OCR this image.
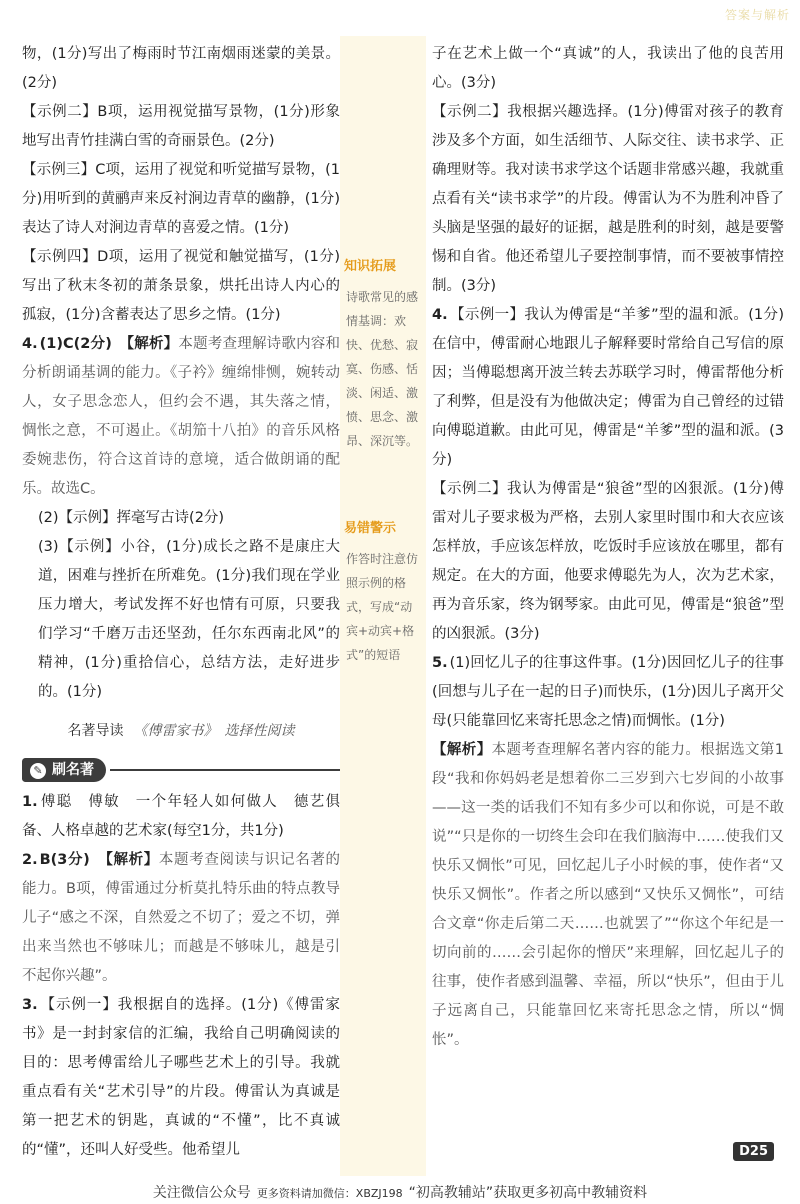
答案与解析

物，(1分)写出了梅雨时节江南烟雨迷蒙的美景。(2分)

【示例二】B项，运用视觉描写景物，(1分)形象地写出青竹挂满白雪的奇丽景色。(2分)

【示例三】C项，运用了视觉和听觉描写景物，(1分)用听到的黄鹂声来反衬涧边青草的幽静，(1分)表达了诗人对涧边青草的喜爱之情。(1分)

【示例四】D项，运用了视觉和触觉描写，(1分)写出了秋末冬初的萧条景象，烘托出诗人内心的孤寂，(1分)含蓄表达了思乡之情。(1分)

4. (1)C(2分)　【解析】本题考查理解诗歌内容和分析朗诵基调的能力。《子衿》缠绵悱恻，婉转动人，女子思念恋人，但约会不遇，其失落之情，惆怅之意，不可遏止。《胡笳十八拍》的音乐风格委婉悲伤，符合这首诗的意境，适合做朗诵的配乐。故选C。

(2)【示例】挥毫写古诗(2分)

(3)【示例】小谷，(1分)成长之路不是康庄大道，困难与挫折在所难免。(1分)我们现在学业压力增大，考试发挥不好也情有可原，只要我们学习“千磨万击还坚劲，任尔东西南北风”的精神，(1分)重拾信心，总结方法，走好进步的。(1分)

名著导读 《傅雷家书》　选择性阅读
✎ 刷名著

1. 傅聪　傅敏　一个年轻人如何做人　德艺俱备、人格卓越的艺术家(每空1分，共1分)

2. B(3分)　【解析】本题考查阅读与识记名著的能力。B项，傅雷通过分析莫扎特乐曲的特点教导儿子“感之不深，自然爱之不切了；爱之不切，弹出来当然也不够味儿；而越是不够味儿，越是引不起你兴趣”。

3. 【示例一】我根据自的选择。(1分)《傅雷家书》是一封封家信的汇编，我给自己明确阅读的目的：思考傅雷给儿子哪些艺术上的引导。我就重点看有关“艺术引导”的片段。傅雷认为真诚是第一把艺术的钥匙，真诚的“不懂”，比不真诚的“懂”，还叫人好受些。他希望儿

知识拓展
诗歌常见的感情基调：欢快、优愁、寂寞、伤感、恬淡、闲适、激愤、思念、激昂、深沉等。
易错警示
作答时注意仿照示例的格式，写成“动宾+动宾+格式”的短语

子在艺术上做一个“真诚”的人，我读出了他的良苦用心。(3分)

【示例二】我根据兴趣选择。(1分)傅雷对孩子的教育涉及多个方面，如生活细节、人际交往、读书求学、正确理财等。我对读书求学这个话题非常感兴趣，我就重点看有关“读书求学”的片段。傅雷认为不为胜利冲昏了头脑是坚强的最好的证据，越是胜利的时刻，越是要警惕和自省。他还希望儿子要控制事情，而不要被事情控制。(3分)

4. 【示例一】我认为傅雷是“羊爹”型的温和派。(1分)在信中，傅雷耐心地跟儿子解释要时常给自己写信的原因；当傅聪想离开波兰转去苏联学习时，傅雷帮他分析了利弊，但是没有为他做决定；傅雷为自己曾经的过错向傅聪道歉。由此可见，傅雷是“羊爹”型的温和派。(3分)

【示例二】我认为傅雷是“狼爸”型的凶狠派。(1分)傅雷对儿子要求极为严格，去别人家里时围巾和大衣应该怎样放，手应该怎样放，吃饭时手应该放在哪里，都有规定。在大的方面，他要求傅聪先为人，次为艺术家，再为音乐家，终为钢琴家。由此可见，傅雷是“狼爸”型的凶狠派。(3分)

5. (1)回忆儿子的往事这件事。(1分)因回忆儿子的往事(回想与儿子在一起的日子)而快乐，(1分)因儿子离开父母(只能靠回忆来寄托思念之情)而惆怅。(1分)

【解析】本题考查理解名著内容的能力。根据选文第1段“我和你妈妈老是想着你二三岁到六七岁间的小故事——这一类的话我们不知有多少可以和你说，可是不敢说”“只是你的一切终生会印在我们脑海中……使我们又快乐又惆怅”可见，回忆起儿子小时候的事，使作者“又快乐又惆怅”。作者之所以感到“又快乐又惆怅”，可结合文章“你走后第二天……也就罢了”“你这个年纪是一切向前的……会引起你的憎厌”来理解，回忆起儿子的往事，使作者感到温馨、幸福，所以“快乐”，但由于儿子远离自己，只能靠回忆来寄托思念之情，所以“惆怅”。

D25
关注微信公众号 更多资料请加微信：XBZJ198 “初高教辅站”获取更多初高中教辅资料
